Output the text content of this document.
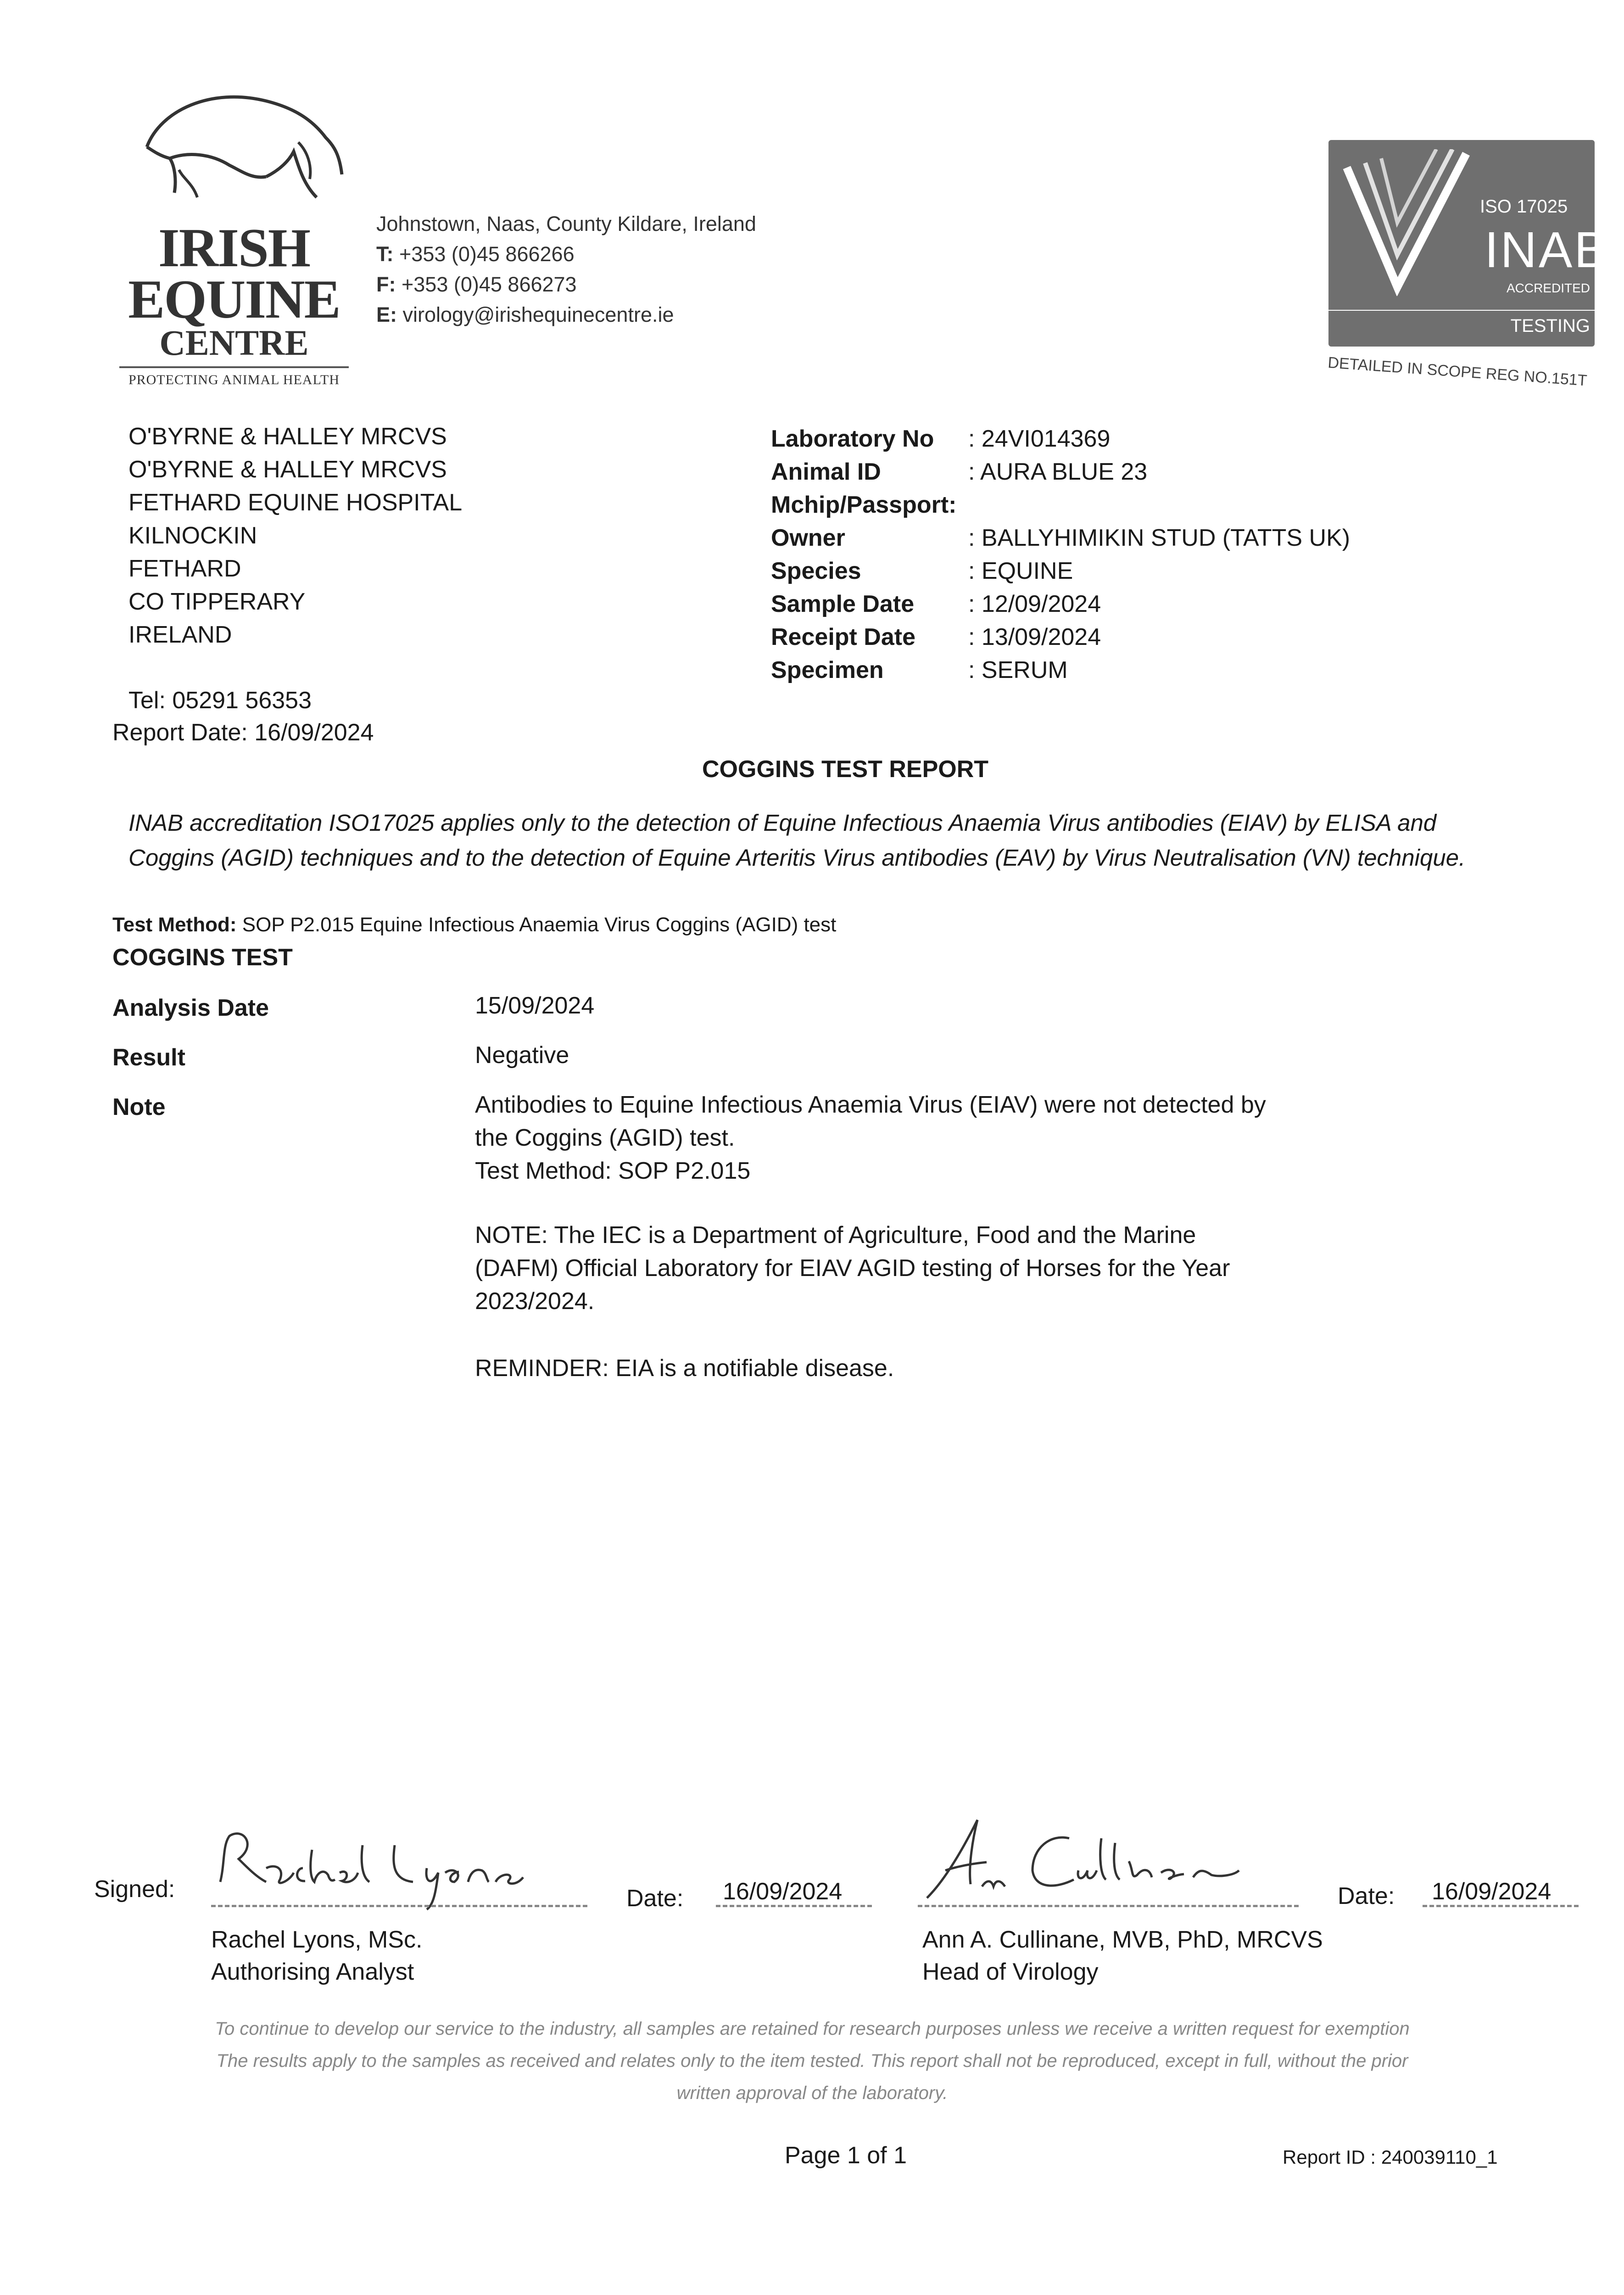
IRISH
EQUINE
CENTRE
PROTECTING ANIMAL HEALTH
Johnstown, Naas, County Kildare, Ireland
T: +353 (0)45 866266
F: +353 (0)45 866273
E: virology@irishequinecentre.ie
ISO 17025
INAB
ACCREDITED
TESTING
DETAILED IN SCOPE REG NO.151T
O'BYRNE & HALLEY MRCVS
O'BYRNE & HALLEY MRCVS
FETHARD EQUINE HOSPITAL
KILNOCKIN
FETHARD
CO TIPPERARY
IRELAND
Tel: 05291 56353
Report Date: 16/09/2024
Laboratory No	: 24VI014369
Animal ID	: AURA BLUE 23
Mchip/Passport:
Owner	: BALLYHIMIKIN STUD (TATTS UK)
Species	: EQUINE
Sample Date	: 12/09/2024
Receipt Date	: 13/09/2024
Specimen	: SERUM
COGGINS TEST REPORT
INAB accreditation ISO17025 applies only to the detection of Equine Infectious Anaemia Virus antibodies (EIAV) by ELISA and Coggins (AGID) techniques and to the detection of Equine Arteritis Virus antibodies (EAV) by Virus Neutralisation (VN) technique.
Test Method: SOP P2.015 Equine Infectious Anaemia Virus Coggins (AGID) test
COGGINS TEST
Analysis Date	15/09/2024
Result	Negative
Note	Antibodies to Equine Infectious Anaemia Virus (EIAV) were not detected by
the Coggins (AGID) test.
Test Method: SOP P2.015
NOTE: The IEC is a Department of Agriculture, Food and the Marine
(DAFM) Official Laboratory for EIAV AGID testing of Horses for the Year
2023/2024.
REMINDER: EIA is a notifiable disease.
Signed:	Date: 16/09/2024
Rachel Lyons, MSc.
Authorising Analyst
Date: 16/09/2024
Ann A. Cullinane, MVB, PhD, MRCVS
Head of Virology
To continue to develop our service to the industry, all samples are retained for research purposes unless we receive a written request for exemption
The results apply to the samples as received and relates only to the item tested. This report shall not be reproduced, except in full, without the prior
written approval of the laboratory.
Page 1 of 1	Report ID : 240039110_1
